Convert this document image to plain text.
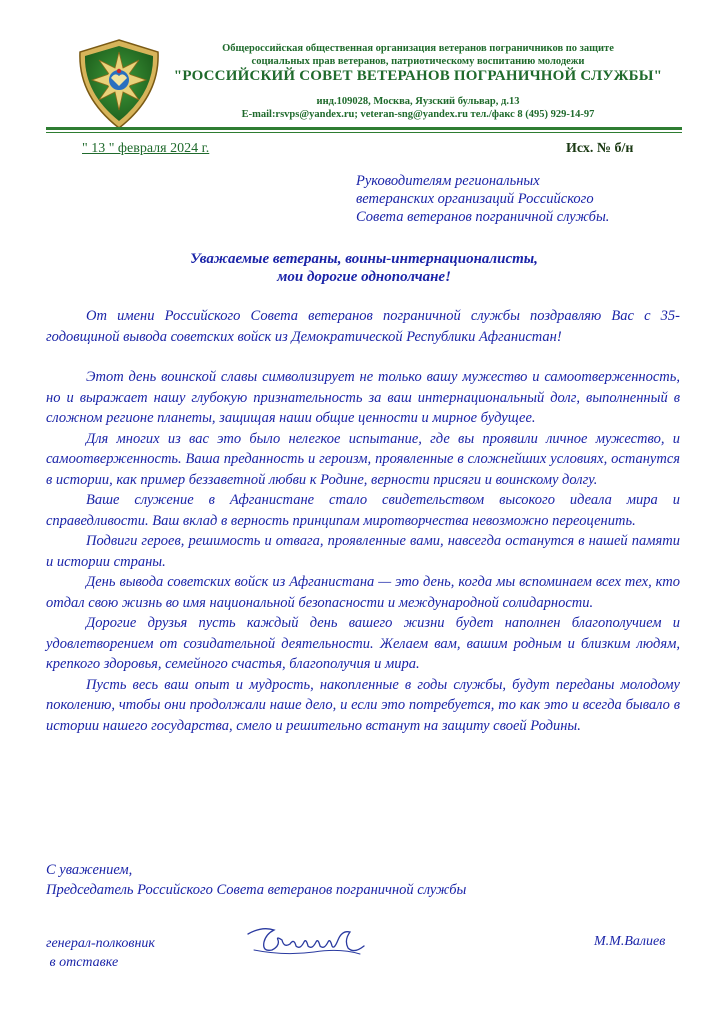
Общероссийская общественная организация ветеранов пограничников по защите
социальных прав ветеранов, патриотическому воспитанию молодежи
"РОССИЙСКИЙ СОВЕТ ВЕТЕРАНОВ ПОГРАНИЧНОЙ СЛУЖБЫ"
инд.109028, Москва, Яузский бульвар, д.13
E-mail:rsvps@yandex.ru; veteran-sng@yandex.ru тел./факс 8 (495) 929-14-97
" 13 " февраля 2024 г.	Исх. № б/н
Руководителям региональных
ветеранских организаций Российского
Совета ветеранов пограничной службы.
Уважаемые ветераны, воины-интернационалисты,
мои дорогие однополчане!

От имени Российского Совета ветеранов пограничной службы поздравляю Вас с 35-годовщиной вывода советских войск из Демократической Республики Афганистан!

Этот день воинской славы символизирует не только вашу мужество и самоотверженность, но и выражает нашу глубокую признательность за ваш интернациональный долг, выполненный в сложном регионе планеты, защищая наши общие ценности и мирное будущее.

Для многих из вас это было нелегкое испытание, где вы проявили личное мужество, и самоотверженность. Ваша преданность и героизм, проявленные в сложнейших условиях, останутся в истории, как пример беззаветной любви к Родине, верности присяги и воинскому долгу.

Ваше служение в Афганистане стало свидетельством высокого идеала мира и справедливости. Ваш вклад в верность принципам миротворчества невозможно переоценить.

Подвиги героев, решимость и отвага, проявленные вами, навсегда останутся в нашей памяти и истории страны.

День вывода советских войск из Афганистана — это день, когда мы вспоминаем всех тех, кто отдал свою жизнь во имя национальной безопасности и международной солидарности.

Дорогие друзья пусть каждый день вашего жизни будет наполнен благополучием и удовлетворением от созидательной деятельности. Желаем вам, вашим родным и близким людям, крепкого здоровья, семейного счастья, благополучия и мира.

Пусть весь ваш опыт и мудрость, накопленные в годы службы, будут переданы молодому поколению, чтобы они продолжали наше дело, и если это потребуется, то как это и всегда бывало в истории нашего государства, смело и решительно встанут на защиту своей Родины.

С уважением,
Председатель Российского Совета ветеранов пограничной службы
генерал-полковник
в отставке
М.М.Валиев
